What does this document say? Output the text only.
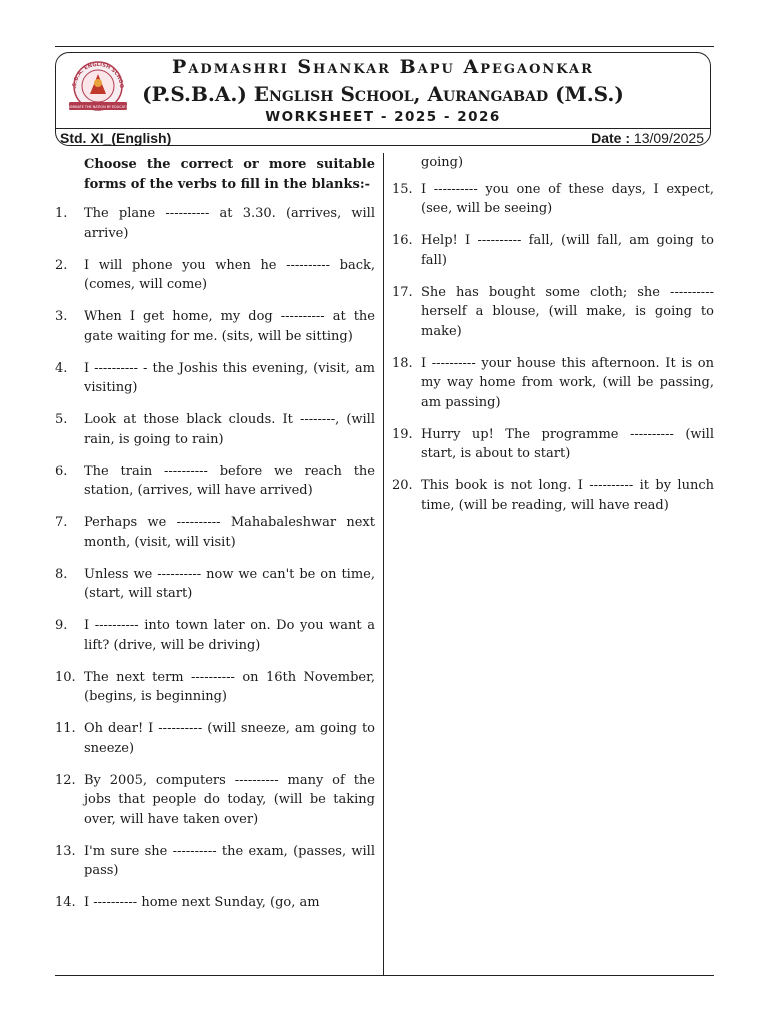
.S.B.A. ENGLISH SCHOO
ILLUMINATE THE NATION BY EDUCATION
Padmashri Shankar Bapu Apegaonkar
(P.S.B.A.) English School, Aurangabad (M.S.)
WORKSHEET - 2025 - 2026
Std. XI_(English)	Date : 13/09/2025
Choose the correct or more suitable forms of the verbs to fill in the blanks:-
1.	The plane ---------- at 3.30. (arrives, will arrive)
2.	I will phone you when he ---------- back, (comes, will come)
3.	When I get home, my dog ---------- at the gate waiting for me. (sits, will be sitting)
4.	I ---------- - the Joshis this evening, (visit, am visiting)
5.	Look at those black clouds. It --------, (will rain, is going to rain)
6.	The train ---------- before we reach the station, (arrives, will have arrived)
7.	Perhaps we ---------- Mahabaleshwar next month, (visit, will visit)
8.	Unless we ---------- now we can't be on time, (start, will start)
9.	I ---------- into town later on. Do you want a lift? (drive, will be driving)
10. The next term ---------- on 16th November, (begins, is beginning)
11. Oh dear! I ---------- (will sneeze, am going to sneeze)
12. By 2005, computers ---------- many of the jobs that people do today, (will be taking over, will have taken over)
13. I'm sure she ---------- the exam, (passes, will pass)
14. I ---------- home next Sunday, (go, am
going)
15. I ---------- you one of these days, I expect, (see, will be seeing)
16. Help! I ---------- fall, (will fall, am going to fall)
17. She has bought some cloth; she ---------- herself a blouse, (will make, is going to make)
18. I ---------- your house this afternoon. It is on my way home from work, (will be passing, am passing)
19. Hurry up! The programme ---------- (will start, is about to start)
20. This book is not long. I ---------- it by lunch time, (will be reading, will have read)
